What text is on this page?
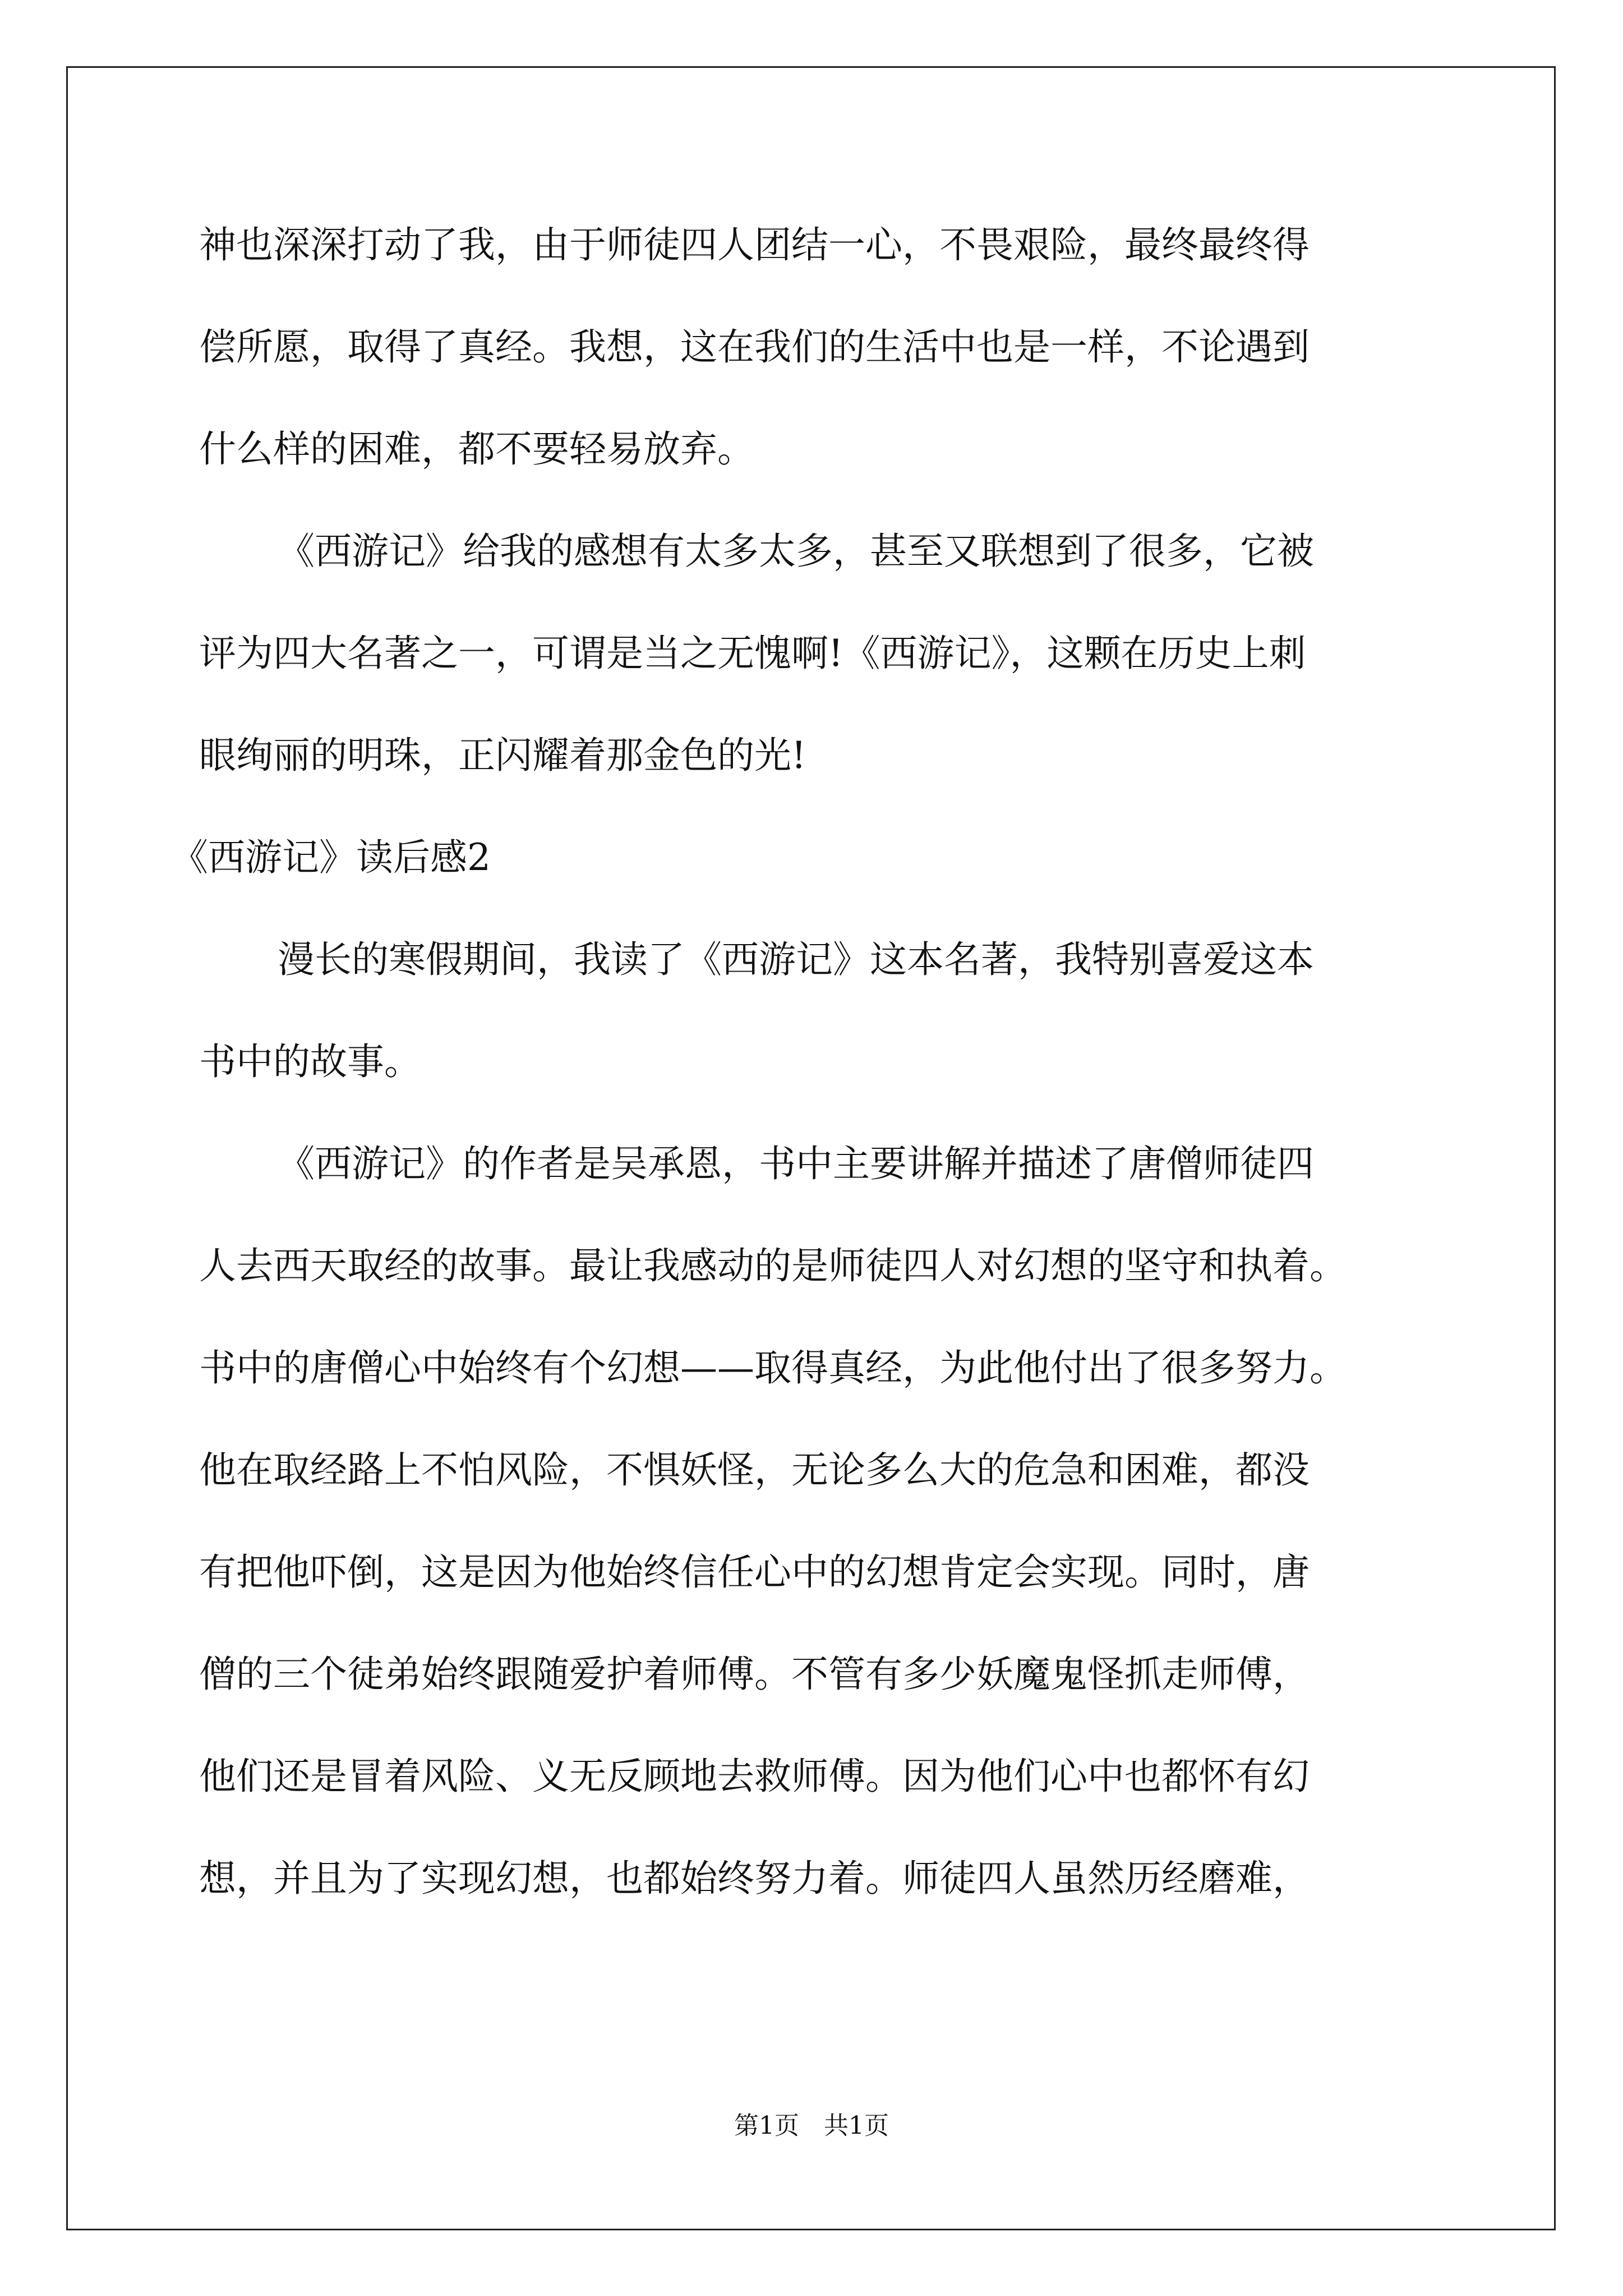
神也深深打动了我，由于师徒四人团结一心，不畏艰险，最终最终得
偿所愿，取得了真经。我想，这在我们的生活中也是一样，不论遇到
什么样的困难，都不要轻易放弃。
《西游记》给我的感想有太多太多，甚至又联想到了很多，它被
评为四大名著之一，可谓是当之无愧啊!《西游记》，这颗在历史上刺
眼绚丽的明珠，正闪耀着那金色的光!
《西游记》读后感2
漫长的寒假期间，我读了《西游记》这本名著，我特别喜爱这本
书中的故事。
《西游记》的作者是吴承恩，书中主要讲解并描述了唐僧师徒四
人去西天取经的故事。最让我感动的是师徒四人对幻想的坚守和执着。
书中的唐僧心中始终有个幻想——取得真经，为此他付出了很多努力。
他在取经路上不怕风险，不惧妖怪，无论多么大的危急和困难，都没
有把他吓倒，这是因为他始终信任心中的幻想肯定会实现。同时，唐
僧的三个徒弟始终跟随爱护着师傅。不管有多少妖魔鬼怪抓走师傅，
他们还是冒着风险、义无反顾地去救师傅。因为他们心中也都怀有幻
想，并且为了实现幻想，也都始终努力着。师徒四人虽然历经磨难，
第1页　共1页
